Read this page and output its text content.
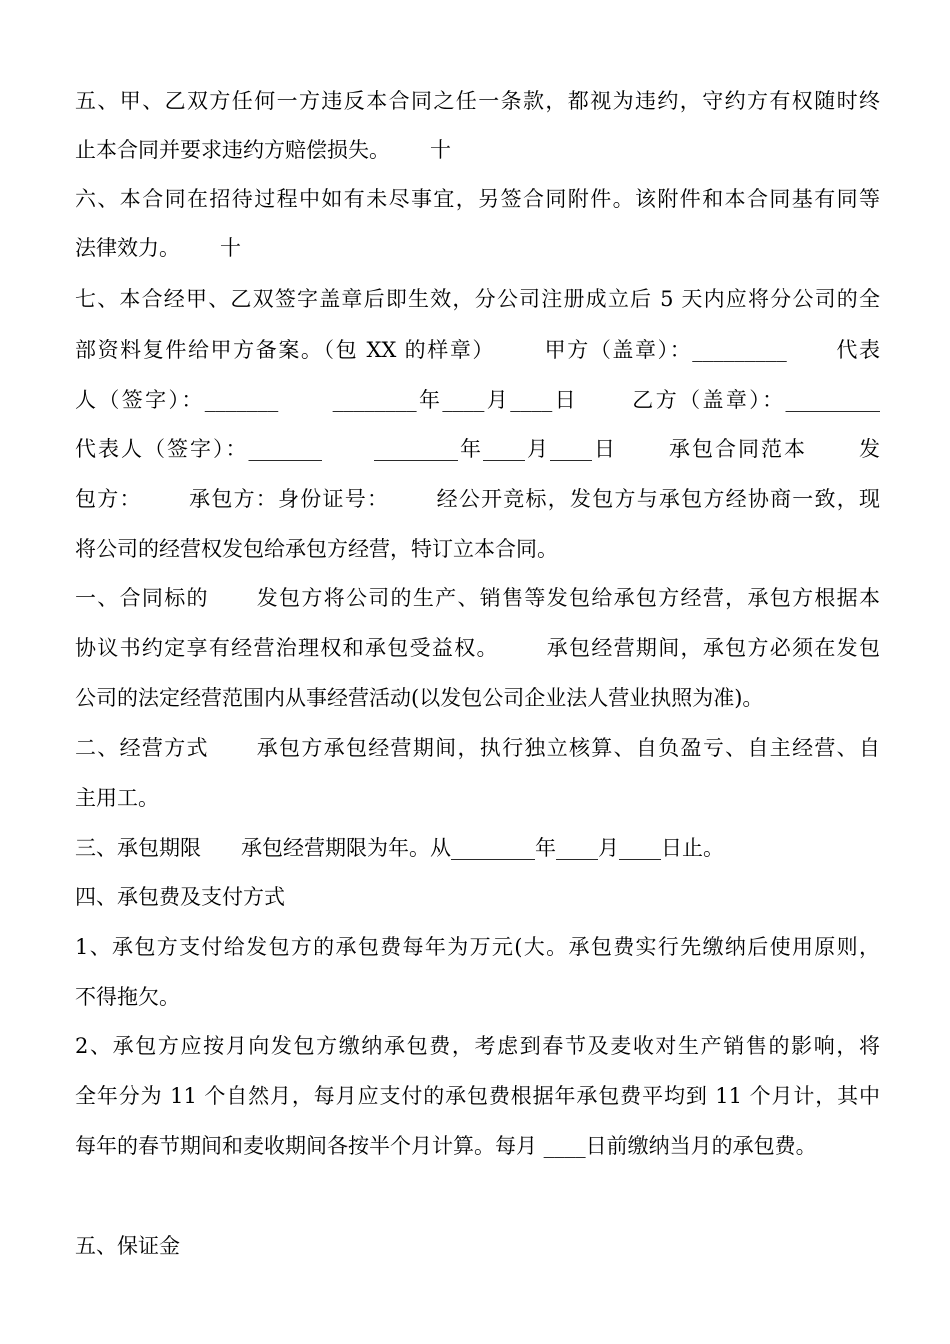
五、甲、乙双方任何一方违反本合同之任一条款，都视为违约，守约方有权随时终
止本合同并要求违约方赔偿损失。      十
六、本合同在招待过程中如有未尽事宜，另签合同附件。该附件和本合同基有同等
法律效力。      十
七、本合经甲、乙双签字盖章后即生效，分公司注册成立后 5 天内应将分公司的全
部资料复件给甲方备案。（包 XX 的样章）      甲方（盖章）：_________      代表
人（签字）：_______      ________年____月____日      乙方（盖章）：_________
代表人（签字）：_______      ________年____月____日      承包合同范本      发
包方：      承包方：身份证号：      经公开竞标，发包方与承包方经协商一致，现
将公司的经营权发包给承包方经营，特订立本合同。
一、合同标的      发包方将公司的生产、销售等发包给承包方经营，承包方根据本
协议书约定享有经营治理权和承包受益权。      承包经营期间，承包方必须在发包
公司的法定经营范围内从事经营活动(以发包公司企业法人营业执照为准)。
二、经营方式      承包方承包经营期间，执行独立核算、自负盈亏、自主经营、自
主用工。
三、承包期限      承包经营期限为年。从________年____月____日止。
四、承包费及支付方式
1、承包方支付给发包方的承包费每年为万元(大。承包费实行先缴纳后使用原则，
不得拖欠。
2、承包方应按月向发包方缴纳承包费，考虑到春节及麦收对生产销售的影响，将
全年分为 11 个自然月，每月应支付的承包费根据年承包费平均到 11 个月计，其中
每年的春节期间和麦收期间各按半个月计算。每月 ____日前缴纳当月的承包费。
五、保证金
